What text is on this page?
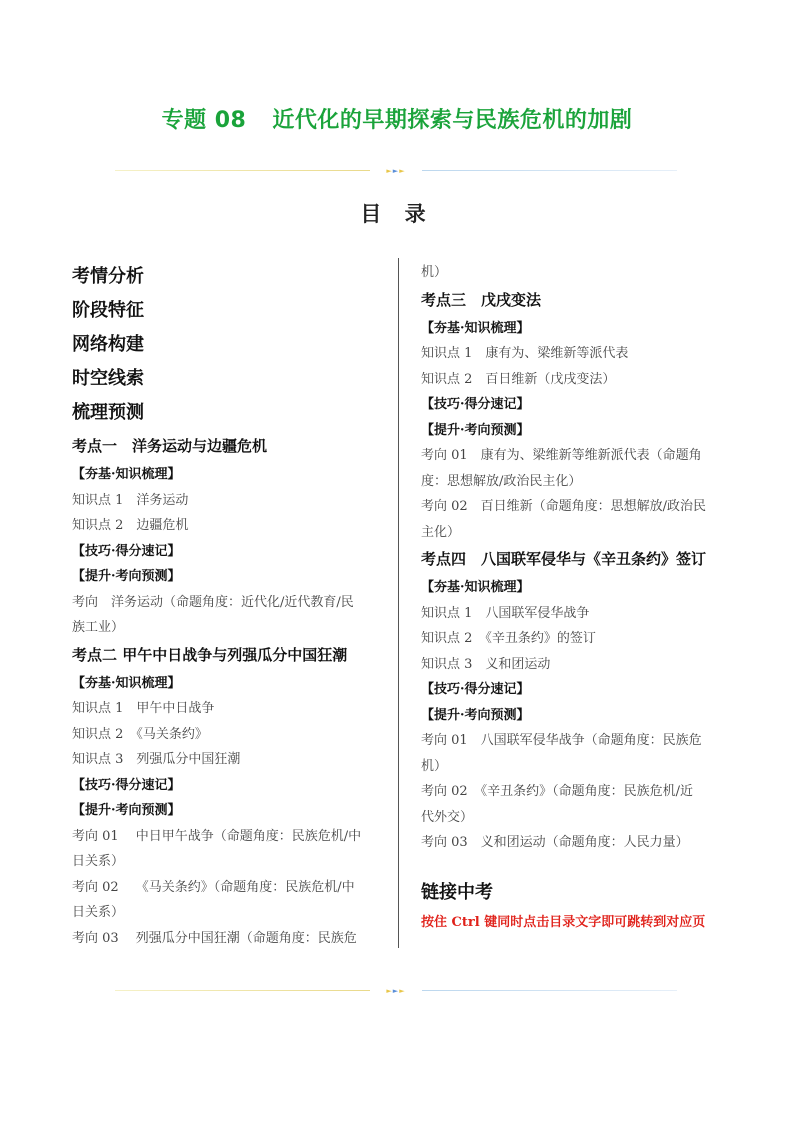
专题 08 近代化的早期探索与民族危机的加剧
►►►
目 录
考情分析
阶段特征
网络构建
时空线索
梳理预测
考点一　洋务运动与边疆危机
【夯基·知识梳理】
知识点 1　洋务运动
知识点 2　边疆危机
【技巧·得分速记】
【提升·考向预测】
考向　洋务运动（命题角度：近代化/近代教育/民
族工业）
考点二 甲午中日战争与列强瓜分中国狂潮
【夯基·知识梳理】
知识点 1　甲午中日战争
知识点 2　《马关条约》
知识点 3　列强瓜分中国狂潮
【技巧·得分速记】
【提升·考向预测】
考向 01　 中日甲午战争（命题角度：民族危机/中
日关系）
考向 02　 《马关条约》（命题角度：民族危机/中
日关系）
考向 03　 列强瓜分中国狂潮（命题角度：民族危
机）
考点三　戊戌变法
【夯基·知识梳理】
知识点 1　康有为、梁维新等派代表
知识点 2　百日维新（戊戌变法）
【技巧·得分速记】
【提升·考向预测】
考向 01　康有为、梁维新等维新派代表（命题角
度：思想解放/政治民主化）
考向 02　百日维新（命题角度：思想解放/政治民
主化）
考点四　八国联军侵华与《辛丑条约》签订
【夯基·知识梳理】
知识点 1　八国联军侵华战争
知识点 2　《辛丑条约》的签订
知识点 3　义和团运动
【技巧·得分速记】
【提升·考向预测】
考向 01　八国联军侵华战争（命题角度：民族危
机）
考向 02　《辛丑条约》（命题角度：民族危机/近
代外交）
考向 03　义和团运动（命题角度：人民力量）
链接中考
按住 Ctrl 键同时点击目录文字即可跳转到对应页
►►►
